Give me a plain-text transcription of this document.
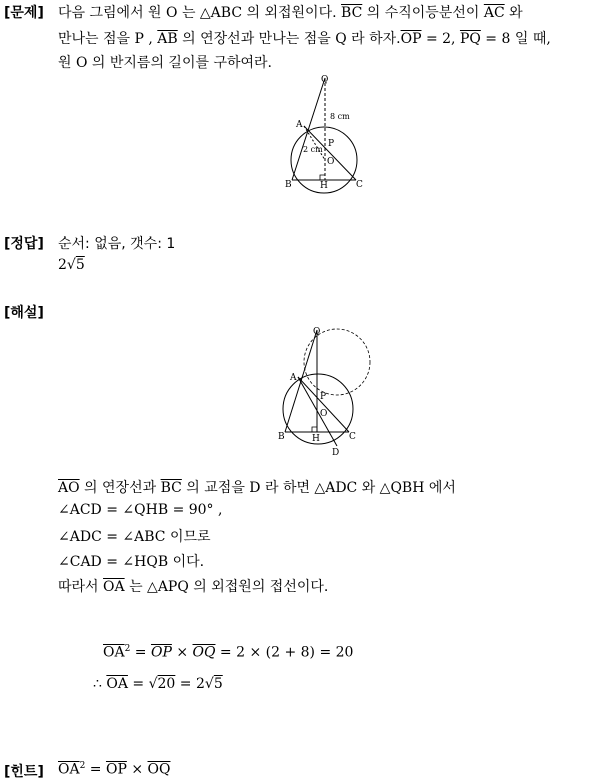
[문제] 다음 그림에서 원 O 는 △ABC 의 외접원이다. $\overline{BC}$ 의 수직이등분선이 $\overline{AC}$ 와
만나는 점을 P , $\overline{AB}$ 의 연장선과 만나는 점을 Q 라 하자$.\overline{OP} = 2$, $\overline{PQ} = 8$ 일 때,
원 O 의 반지름의 길이를 구하여라.
Q
A
P
O
B	H	C
8 cm
2 cm
[정답] 순서: 없음, 갯수: 1
2√5
[해설]
Q
A
P
O
B	H	C
D
$\overline{AO}$ 의 연장선과 $\overline{BC}$ 의 교점을 D 라 하면 △ADC 와 △QBH 에서
∠ACD = ∠QHB = 90° ,
∠ADC = ∠ABC 이므로
∠CAD = ∠HQB 이다.
따라서 $\overline{OA}$ 는 △APQ 의 외접원의 접선이다.
$\overline{OA}^2 = \overline{OP} \times \overline{OQ} = 2 \times (2 + 8) = 20$
∴ $\overline{OA} = √20 = 2√5$
[힌트] $\overline{OA}^2 = \overline{OP} \times \overline{OQ}$
